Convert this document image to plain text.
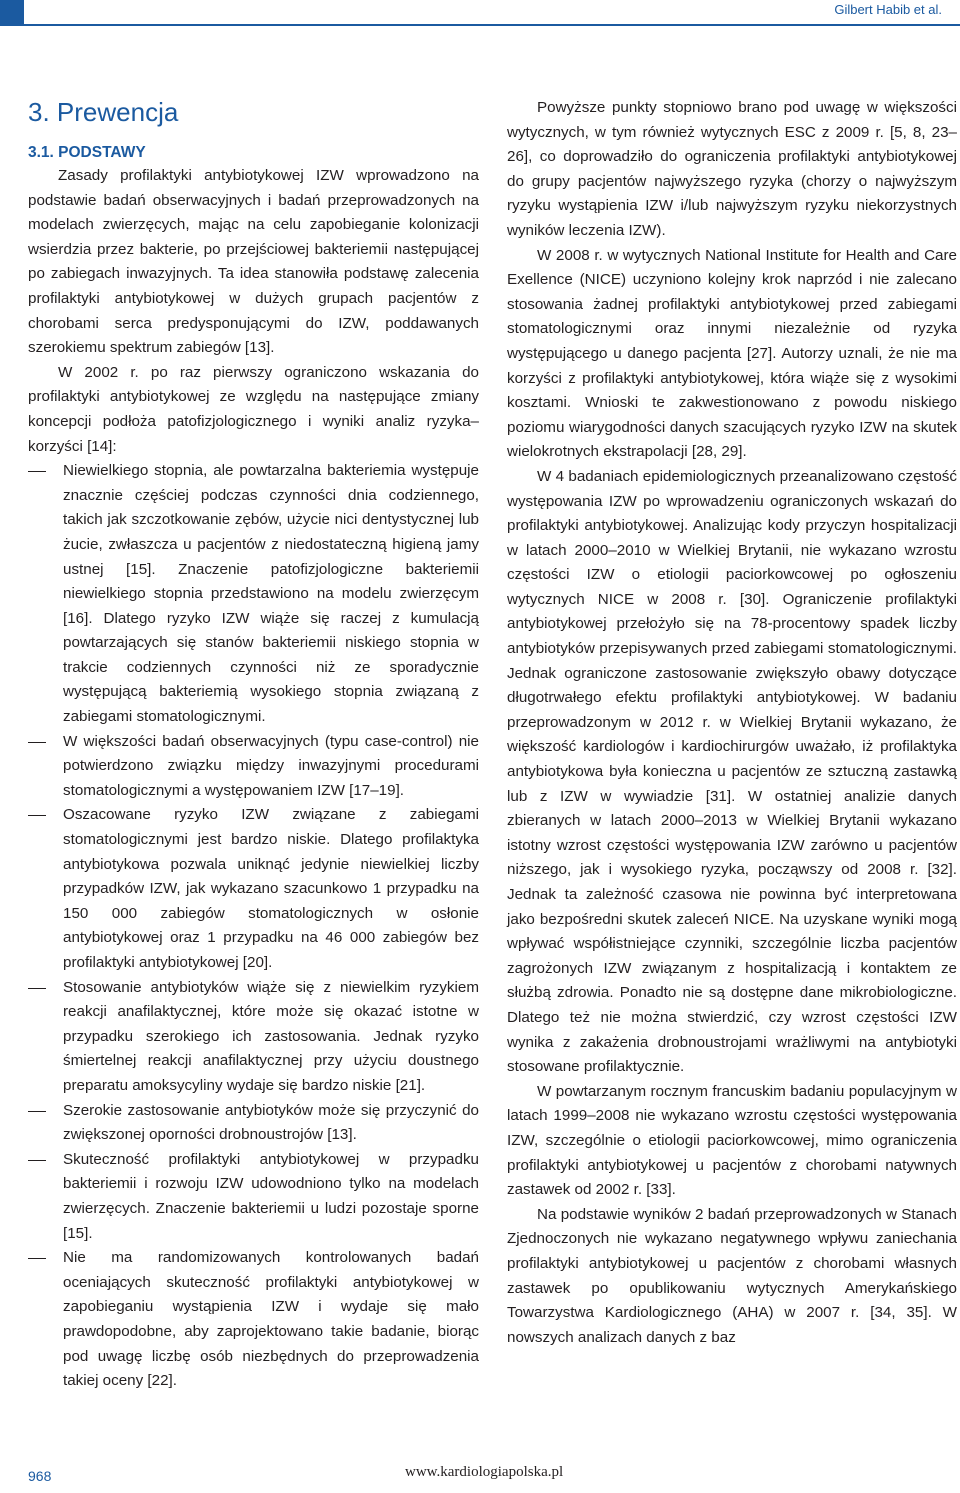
Gilbert Habib et al.
3. Prewencja
3.1. PODSTAWY

Zasady profilaktyki antybiotykowej IZW wprowadzono na podstawie badań obserwacyjnych i badań przeprowadzonych na modelach zwierzęcych, mając na celu zapobieganie kolonizacji wsierdzia przez bakterie, po przejściowej bakteriemii następującej po zabiegach inwazyjnych. Ta idea stanowiła podstawę zalecenia profilaktyki antybiotykowej w dużych grupach pacjentów z chorobami serca predysponującymi do IZW, poddawanych szerokiemu spektrum zabiegów [13].

W 2002 r. po raz pierwszy ograniczono wskazania do profilaktyki antybiotykowej ze względu na następujące zmiany koncepcji podłoża patofizjologicznego i wyniki analiz ryzyka–korzyści [14]:

Niewielkiego stopnia, ale powtarzalna bakteriemia występuje znacznie częściej podczas czynności dnia codziennego, takich jak szczotkowanie zębów, użycie nici dentystycznej lub żucie, zwłaszcza u pacjentów z niedostateczną higieną jamy ustnej [15]. Znaczenie patofizjologiczne bakteriemii niewielkiego stopnia przedstawiono na modelu zwierzęcym [16]. Dlatego ryzyko IZW wiąże się raczej z kumulacją powtarzających się stanów bakteriemii niskiego stopnia w trakcie codziennych czynności niż ze sporadycznie występującą bakteriemią wysokiego stopnia związaną z zabiegami stomatologicznymi.
W większości badań obserwacyjnych (typu case-control) nie potwierdzono związku między inwazyjnymi procedurami stomatologicznymi a występowaniem IZW [17–19].
Oszacowane ryzyko IZW związane z zabiegami stomatologicznymi jest bardzo niskie. Dlatego profilaktyka antybiotykowa pozwala uniknąć jedynie niewielkiej liczby przypadków IZW, jak wykazano szacunkowo 1 przypadku na 150 000 zabiegów stomatologicznych w osłonie antybiotykowej oraz 1 przypadku na 46 000 zabiegów bez profilaktyki antybiotykowej [20].
Stosowanie antybiotyków wiąże się z niewielkim ryzykiem reakcji anafilaktycznej, które może się okazać istotne w przypadku szerokiego ich zastosowania. Jednak ryzyko śmiertelnej reakcji anafilaktycznej przy użyciu doustnego preparatu amoksycyliny wydaje się bardzo niskie [21].
Szerokie zastosowanie antybiotyków może się przyczynić do zwiększonej oporności drobnoustrojów [13].
Skuteczność profilaktyki antybiotykowej w przypadku bakteriemii i rozwoju IZW udowodniono tylko na modelach zwierzęcych. Znaczenie bakteriemii u ludzi pozostaje sporne [15].
Nie ma randomizowanych kontrolowanych badań oceniających skuteczność profilaktyki antybiotykowej w zapobieganiu wystąpienia IZW i wydaje się mało prawdopodobne, aby zaprojektowano takie badanie, biorąc pod uwagę liczbę osób niezbędnych do przeprowadzenia takiej oceny [22].

Powyższe punkty stopniowo brano pod uwagę w większości wytycznych, w tym również wytycznych ESC z 2009 r. [5, 8, 23–26], co doprowadziło do ograniczenia profilaktyki antybiotykowej do grupy pacjentów najwyższego ryzyka (chorzy o najwyższym ryzyku wystąpienia IZW i/lub najwyższym ryzyku niekorzystnych wyników leczenia IZW).

W 2008 r. w wytycznych National Institute for Health and Care Exellence (NICE) uczyniono kolejny krok naprzód i nie zalecano stosowania żadnej profilaktyki antybiotykowej przed zabiegami stomatologicznymi oraz innymi niezależnie od ryzyka występującego u danego pacjenta [27]. Autorzy uznali, że nie ma korzyści z profilaktyki antybiotykowej, która wiąże się z wysokimi kosztami. Wnioski te zakwestionowano z powodu niskiego poziomu wiarygodności danych szacujących ryzyko IZW na skutek wielokrotnych ekstrapolacji [28, 29].

W 4 badaniach epidemiologicznych przeanalizowano częstość występowania IZW po wprowadzeniu ograniczonych wskazań do profilaktyki antybiotykowej. Analizując kody przyczyn hospitalizacji w latach 2000–2010 w Wielkiej Brytanii, nie wykazano wzrostu częstości IZW o etiologii paciorkowcowej po ogłoszeniu wytycznych NICE w 2008 r. [30]. Ograniczenie profilaktyki antybiotykowej przełożyło się na 78-procentowy spadek liczby antybiotyków przepisywanych przed zabiegami stomatologicznymi. Jednak ograniczone zastosowanie zwiększyło obawy dotyczące długotrwałego efektu profilaktyki antybiotykowej. W badaniu przeprowadzonym w 2012 r. w Wielkiej Brytanii wykazano, że większość kardiologów i kardiochirurgów uważało, iż profilaktyka antybiotykowa była konieczna u pacjentów ze sztuczną zastawką lub z IZW w wywiadzie [31]. W ostatniej analizie danych zbieranych w latach 2000–2013 w Wielkiej Brytanii wykazano istotny wzrost częstości występowania IZW zarówno u pacjentów niższego, jak i wysokiego ryzyka, począwszy od 2008 r. [32]. Jednak ta zależność czasowa nie powinna być interpretowana jako bezpośredni skutek zaleceń NICE. Na uzyskane wyniki mogą wpływać współistniejące czynniki, szczególnie liczba pacjentów zagrożonych IZW związanym z hospitalizacją i kontaktem ze służbą zdrowia. Ponadto nie są dostępne dane mikrobiologiczne. Dlatego też nie można stwierdzić, czy wzrost częstości IZW wynika z zakażenia drobnoustrojami wrażliwymi na antybiotyki stosowane profilaktycznie.

W powtarzanym rocznym francuskim badaniu populacyjnym w latach 1999–2008 nie wykazano wzrostu częstości występowania IZW, szczególnie o etiologii paciorkowcowej, mimo ograniczenia profilaktyki antybiotykowej u pacjentów z chorobami natywnych zastawek od 2002 r. [33].

Na podstawie wyników 2 badań przeprowadzonych w Stanach Zjednoczonych nie wykazano negatywnego wpływu zaniechania profilaktyki antybiotykowej u pacjentów z chorobami własnych zastawek po opublikowaniu wytycznych Amerykańskiego Towarzystwa Kardiologicznego (AHA) w 2007 r. [34, 35]. W nowszych analizach danych z baz

968	www.kardiologiapolska.pl
